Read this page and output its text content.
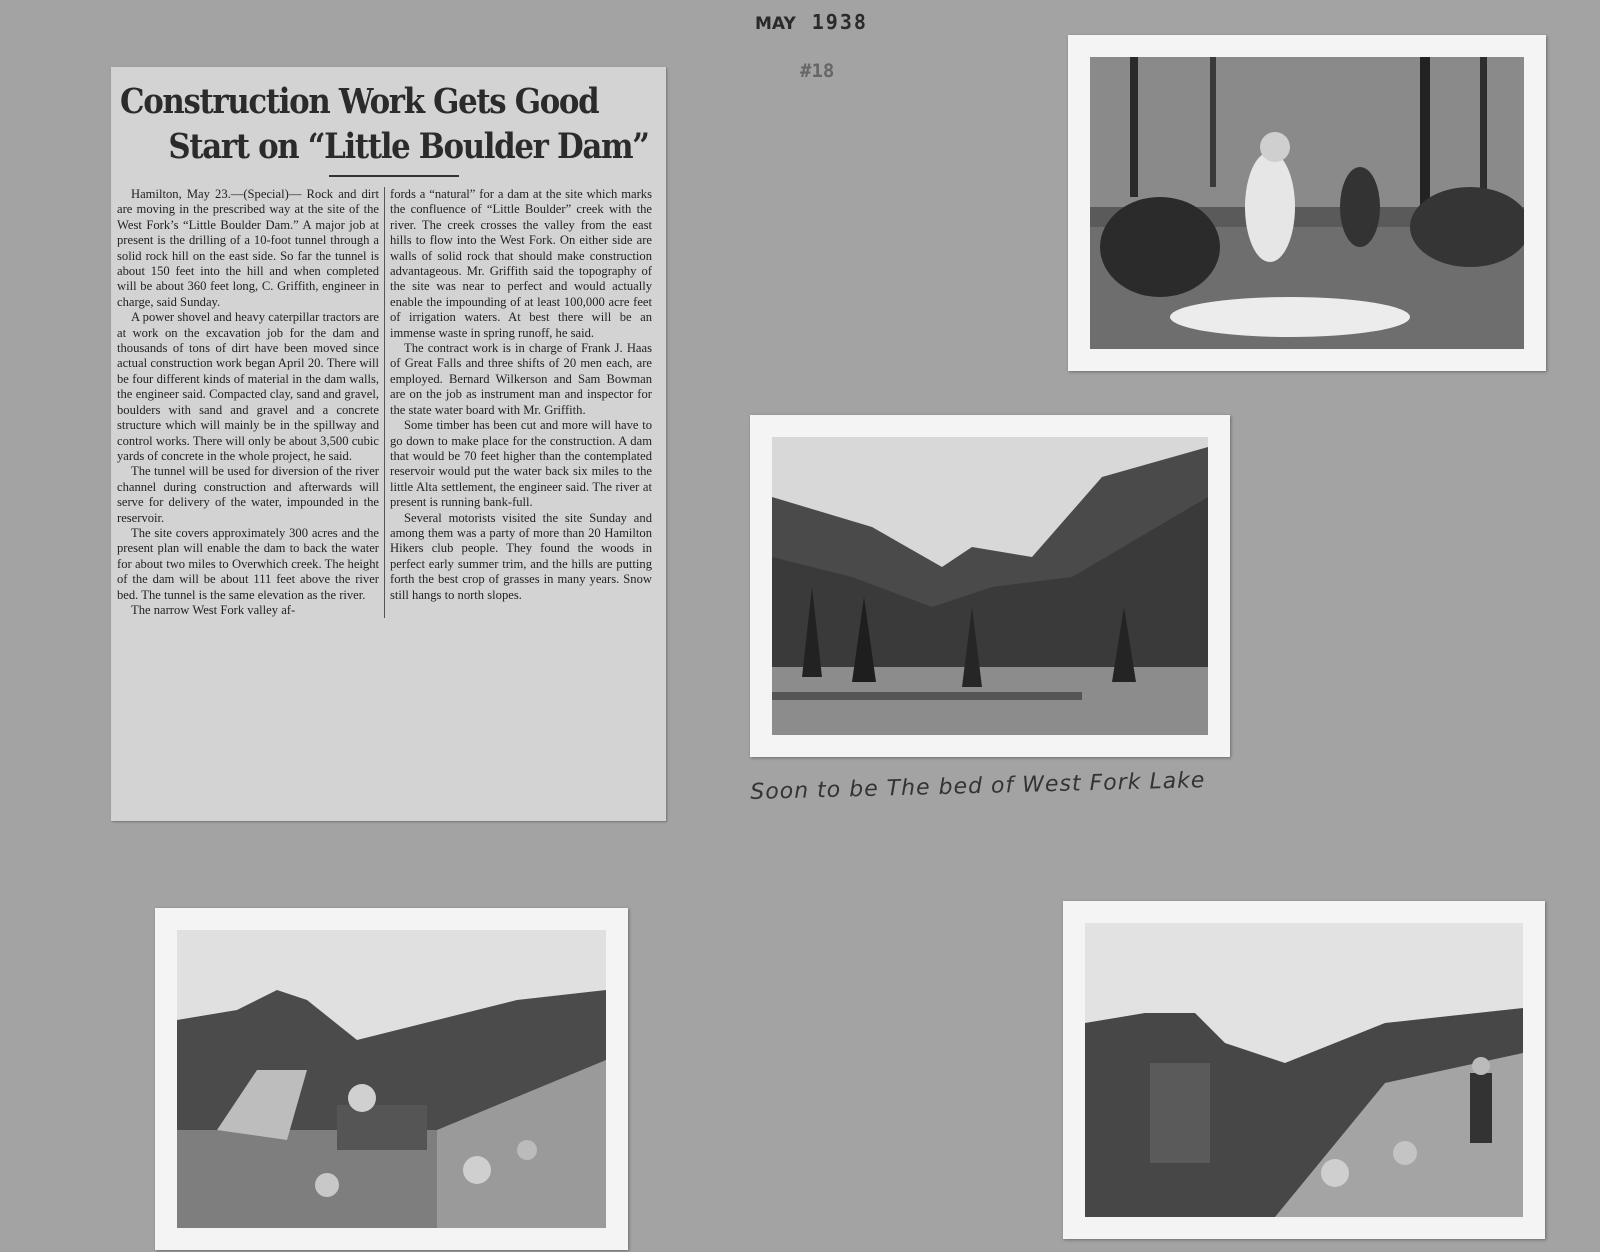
MAY 1938
#18
Construction Work Gets Good
Start on “Little Boulder Dam”

Hamilton, May 23.—(Special)— Rock and dirt are moving in the prescribed way at the site of the West Fork’s “Little Boulder Dam.” A major job at present is the drilling of a 10-foot tunnel through a solid rock hill on the east side. So far the tunnel is about 150 feet into the hill and when completed will be about 360 feet long, C. Griffith, engineer in charge, said Sunday.

A power shovel and heavy caterpillar tractors are at work on the excavation job for the dam and thousands of tons of dirt have been moved since actual construction work began April 20. There will be four different kinds of material in the dam walls, the engineer said. Compacted clay, sand and gravel, boulders with sand and gravel and a concrete structure which will mainly be in the spillway and control works. There will only be about 3,500 cubic yards of concrete in the whole project, he said.

The tunnel will be used for diversion of the river channel during construction and afterwards will serve for delivery of the water, impounded in the reservoir.

The site covers approximately 300 acres and the present plan will enable the dam to back the water for about two miles to Overwhich creek. The height of the dam will be about 111 feet above the river bed. The tunnel is the same elevation as the river.

The narrow West Fork valley af-

fords a “natural” for a dam at the site which marks the confluence of “Little Boulder” creek with the river. The creek crosses the valley from the east hills to flow into the West Fork. On either side are walls of solid rock that should make construction advantageous. Mr. Griffith said the topography of the site was near to perfect and would actually enable the impounding of at least 100,000 acre feet of irrigation waters. At best there will be an immense waste in spring runoff, he said.

The contract work is in charge of Frank J. Haas of Great Falls and three shifts of 20 men each, are employed. Bernard Wilkerson and Sam Bowman are on the job as instrument man and inspector for the state water board with Mr. Griffith.

Some timber has been cut and more will have to go down to make place for the construction. A dam that would be 70 feet higher than the contemplated reservoir would put the water back six miles to the little Alta settlement, the engineer said. The river at present is running bank-full.

Several motorists visited the site Sunday and among them was a party of more than 20 Hamilton Hikers club people. They found the woods in perfect early summer trim, and the hills are putting forth the best crop of grasses in many years. Snow still hangs to north slopes.

Soon to be The bed of West Fork Lake
